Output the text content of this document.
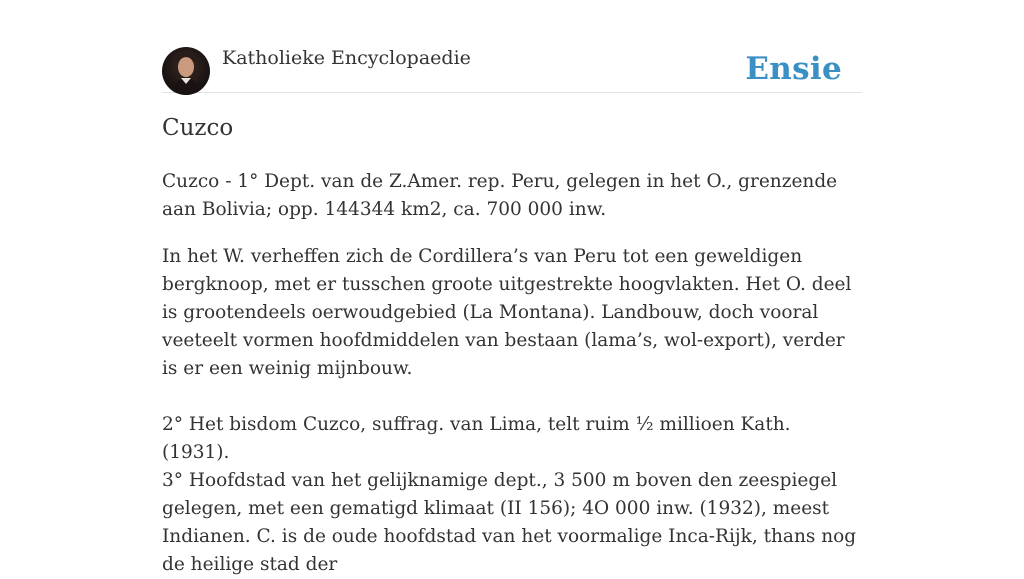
Katholieke Encyclopaedie	Ensie
Cuzco

Cuzco - 1° Dept. van de Z.Amer. rep. Peru, gelegen in het O., grenzende aan Bolivia; opp. 144344 km2, ca. 700 000 inw.

In het W. verheffen zich de Cordillera’s van Peru tot een geweldigen bergknoop, met er tusschen groote uitgestrekte hoogvlakten. Het O. deel is grootendeels oerwoudgebied (La Montana). Landbouw, doch vooral veeteelt vormen hoofdmiddelen van bestaan (lama’s, wol-export), verder is er een weinig mijnbouw.

2° Het bisdom Cuzco, suffrag. van Lima, telt ruim ½ millioen Kath. (1931).
3° Hoofdstad van het gelijknamige dept., 3 500 m boven den zeespiegel gelegen, met een gematigd klimaat (II 156); 4O 000 inw. (1932), meest Indianen. C. is de oude hoofdstad van het voormalige Inca-Rijk, thans nog de heilige stad der
